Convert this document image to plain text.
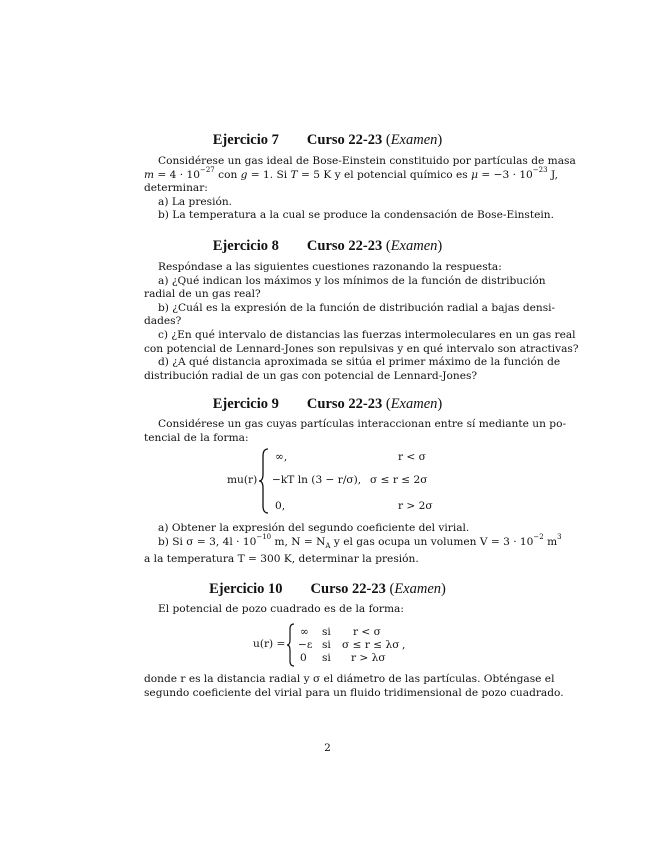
Ejercicio 7 Curso 22-23 (Examen)
Considérese un gas ideal de Bose-Einstein constituido por partículas de masa
$m = 4 \cdot 10^{-27}$ con g = 1. Si T = 5 K y el potencial químico es $\mu = -3 \cdot 10^{-23}$ J,
determinar:
a) La presión.
b) La temperatura a la cual se produce la condensación de Bose-Einstein.
Ejercicio 8 Curso 22-23 (Examen)
Respóndase a las siguientes cuestiones razonando la respuesta:
a) ¿Qué indican los máximos y los mínimos de la función de distribución
radial de un gas real?
b) ¿Cuál es la expresión de la función de distribución radial a bajas densi-
dades?
c) ¿En qué intervalo de distancias las fuerzas intermoleculares en un gas real
con potencial de Lennard-Jones son repulsivas y en qué intervalo son atractivas?
d) ¿A qué distancia aproximada se sitúa el primer máximo de la función de
distribución radial de un gas con potencial de Lennard-Jones?
Ejercicio 9 Curso 22-23 (Examen)
Considérese un gas cuyas partículas interaccionan entre sí mediante un po-
tencial de la forma:
mu(r)
∞,	r < σ
−kT ln (3 − r/σ), σ ≤ r ≤ 2σ
0,	r > 2σ
a) Obtener la expresión del segundo coeficiente del virial.
b) Si σ = 3, $4l \cdot 10^{-10}$ m, $N = N_A$ y el gas ocupa un volumen $V = 3 \cdot 10^{-2}$ $m^3$
a la temperatura T = 300 K, determinar la presión.
Ejercicio 10 Curso 22-23 (Examen)
El potencial de pozo cuadrado es de la forma:
u(r) =
∞ si r < σ
−ε si σ ≤ r ≤ λσ
0 si r > λσ
,
donde r es la distancia radial y σ el diámetro de las partículas. Obténgase el
segundo coeficiente del virial para un fluido tridimensional de pozo cuadrado.
2
